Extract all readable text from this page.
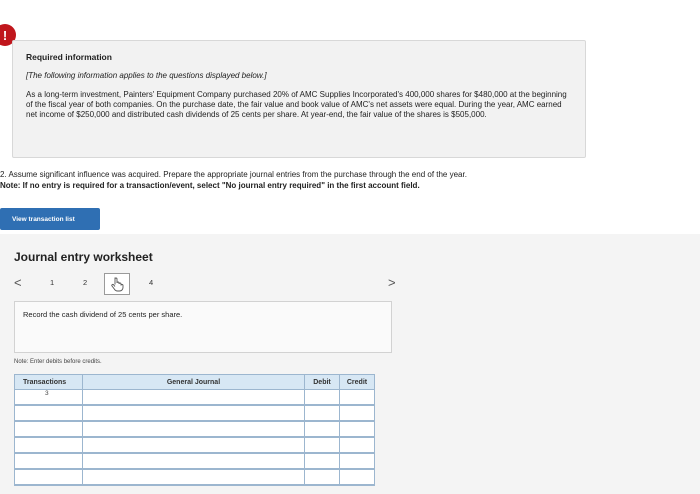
!
Required information
[The following information applies to the questions displayed below.]
As a long-term investment, Painters' Equipment Company purchased 20% of AMC Supplies Incorporated's 400,000 shares for $480,000 at the beginning of the fiscal year of both companies. On the purchase date, the fair value and book value of AMC's net assets were equal. During the year, AMC earned net income of $250,000 and distributed cash dividends of 25 cents per share. At year-end, the fair value of the shares is $505,000.
2. Assume significant influence was acquired. Prepare the appropriate journal entries from the purchase through the end of the year.
Note: If no entry is required for a transaction/event, select "No journal entry required" in the first account field.
View transaction list
Journal entry worksheet
<	1	2	4	>
Record the cash dividend of 25 cents per share.
Note: Enter debits before credits.
Transactions	General Journal	Debit	Credit
3			
